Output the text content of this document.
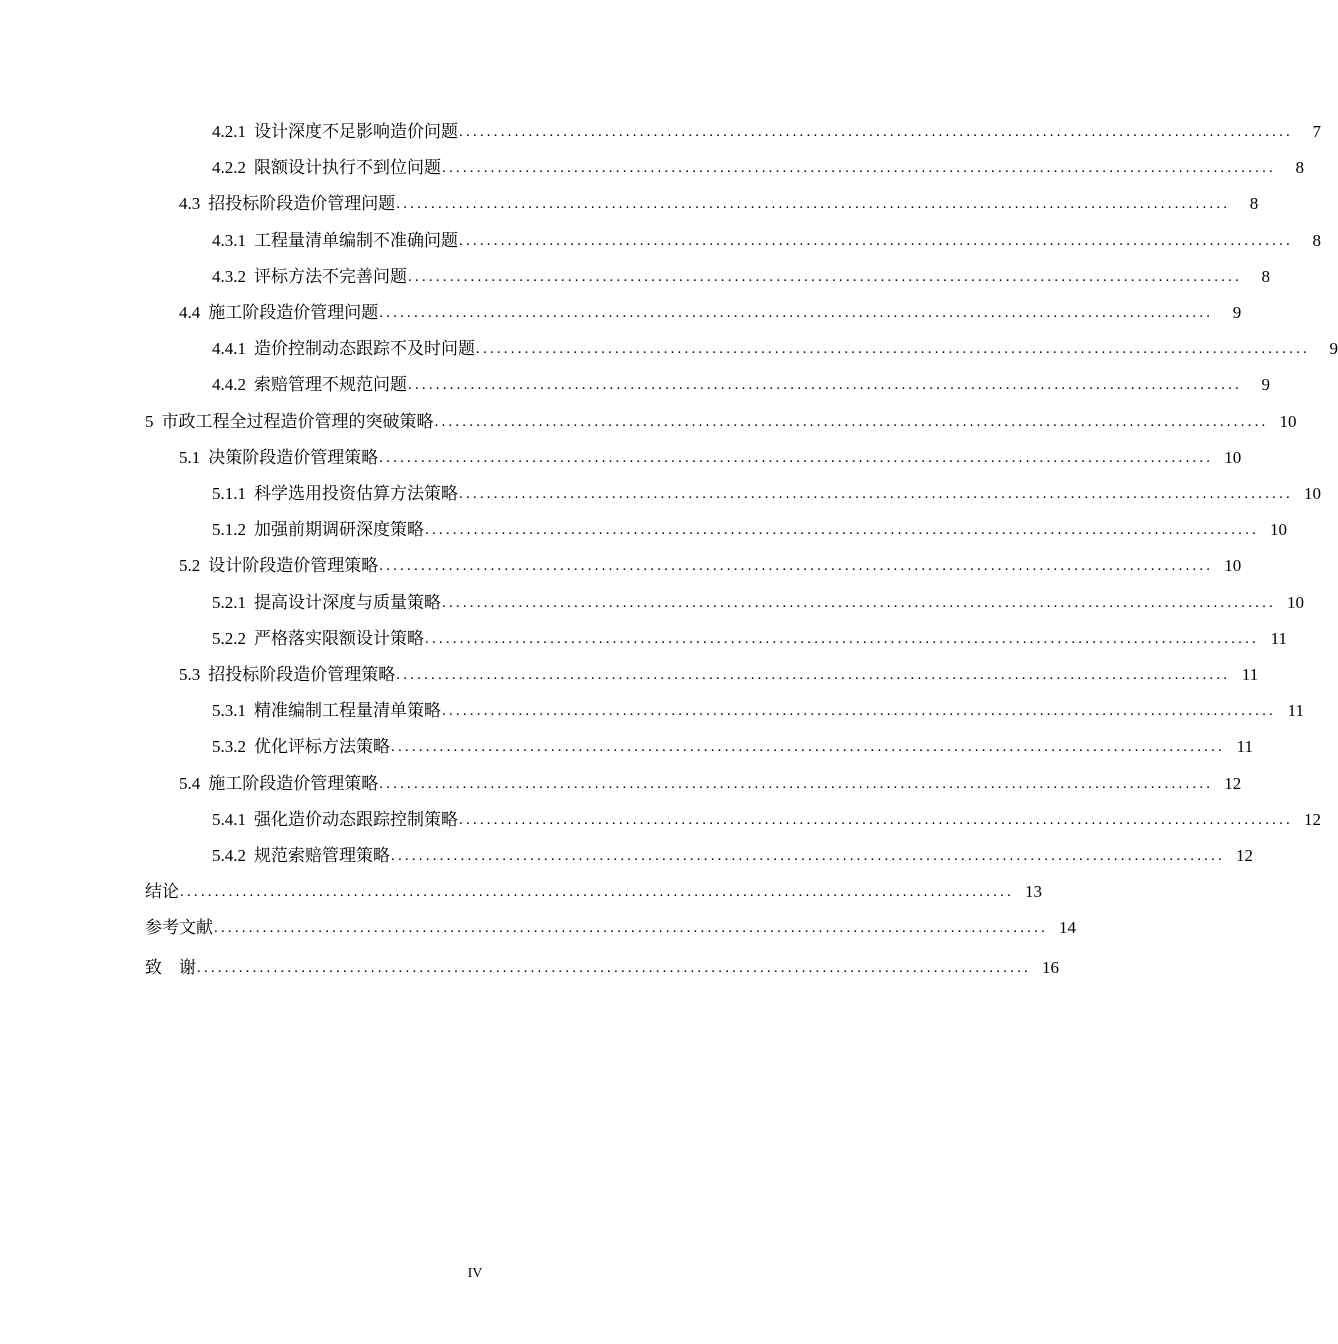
4.2.1 设计深度不足影响造价问题 ........................................................................................................................	7
4.2.2 限额设计执行不到位问题 ........................................................................................................................	8
4.3 招投标阶段造价管理问题 ........................................................................................................................	8
4.3.1 工程量清单编制不准确问题 ........................................................................................................................	8
4.3.2 评标方法不完善问题 ........................................................................................................................	8
4.4 施工阶段造价管理问题 ........................................................................................................................	9
4.4.1 造价控制动态跟踪不及时问题 ........................................................................................................................	9
4.4.2 索赔管理不规范问题 ........................................................................................................................	9
5 市政工程全过程造价管理的突破策略 ........................................................................................................................ 10
5.1 决策阶段造价管理策略 ........................................................................................................................ 10
5.1.1 科学选用投资估算方法策略 ........................................................................................................................ 10
5.1.2 加强前期调研深度策略 ........................................................................................................................ 10
5.2 设计阶段造价管理策略 ........................................................................................................................ 10
5.2.1 提高设计深度与质量策略 ........................................................................................................................ 10
5.2.2 严格落实限额设计策略 ........................................................................................................................ 11
5.3 招投标阶段造价管理策略 ........................................................................................................................ 11
5.3.1 精准编制工程量清单策略 ........................................................................................................................ 11
5.3.2 优化评标方法策略 ........................................................................................................................ 11
5.4 施工阶段造价管理策略 ........................................................................................................................ 12
5.4.1 强化造价动态跟踪控制策略 ........................................................................................................................ 12
5.4.2 规范索赔管理策略 ........................................................................................................................ 12
结论 ........................................................................................................................ 13
参考文献 ........................................................................................................................ 14
致　谢 ........................................................................................................................ 16
IV
